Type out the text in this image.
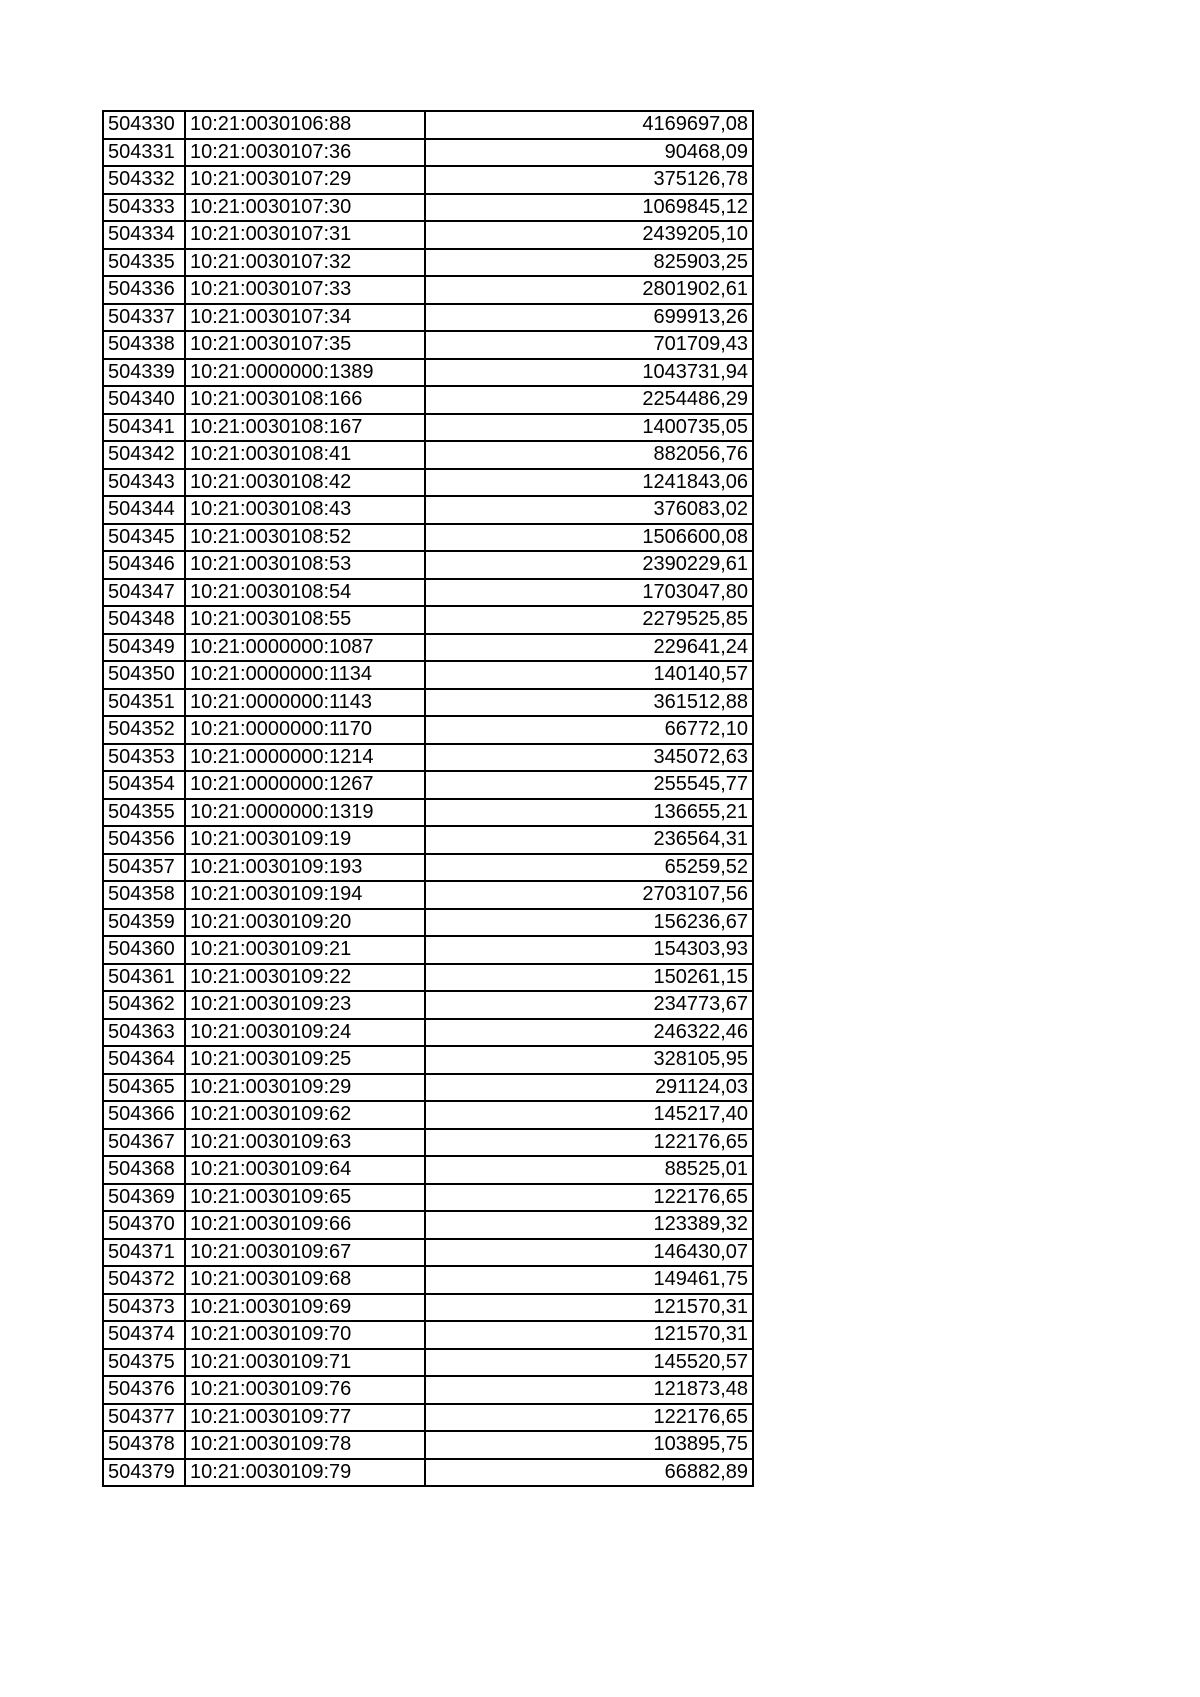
504330	10:21:0030106:88	4169697,08
504331	10:21:0030107:36	90468,09
504332	10:21:0030107:29	375126,78
504333	10:21:0030107:30	1069845,12
504334	10:21:0030107:31	2439205,10
504335	10:21:0030107:32	825903,25
504336	10:21:0030107:33	2801902,61
504337	10:21:0030107:34	699913,26
504338	10:21:0030107:35	701709,43
504339	10:21:0000000:1389	1043731,94
504340	10:21:0030108:166	2254486,29
504341	10:21:0030108:167	1400735,05
504342	10:21:0030108:41	882056,76
504343	10:21:0030108:42	1241843,06
504344	10:21:0030108:43	376083,02
504345	10:21:0030108:52	1506600,08
504346	10:21:0030108:53	2390229,61
504347	10:21:0030108:54	1703047,80
504348	10:21:0030108:55	2279525,85
504349	10:21:0000000:1087	229641,24
504350	10:21:0000000:1134	140140,57
504351	10:21:0000000:1143	361512,88
504352	10:21:0000000:1170	66772,10
504353	10:21:0000000:1214	345072,63
504354	10:21:0000000:1267	255545,77
504355	10:21:0000000:1319	136655,21
504356	10:21:0030109:19	236564,31
504357	10:21:0030109:193	65259,52
504358	10:21:0030109:194	2703107,56
504359	10:21:0030109:20	156236,67
504360	10:21:0030109:21	154303,93
504361	10:21:0030109:22	150261,15
504362	10:21:0030109:23	234773,67
504363	10:21:0030109:24	246322,46
504364	10:21:0030109:25	328105,95
504365	10:21:0030109:29	291124,03
504366	10:21:0030109:62	145217,40
504367	10:21:0030109:63	122176,65
504368	10:21:0030109:64	88525,01
504369	10:21:0030109:65	122176,65
504370	10:21:0030109:66	123389,32
504371	10:21:0030109:67	146430,07
504372	10:21:0030109:68	149461,75
504373	10:21:0030109:69	121570,31
504374	10:21:0030109:70	121570,31
504375	10:21:0030109:71	145520,57
504376	10:21:0030109:76	121873,48
504377	10:21:0030109:77	122176,65
504378	10:21:0030109:78	103895,75
504379	10:21:0030109:79	66882,89
